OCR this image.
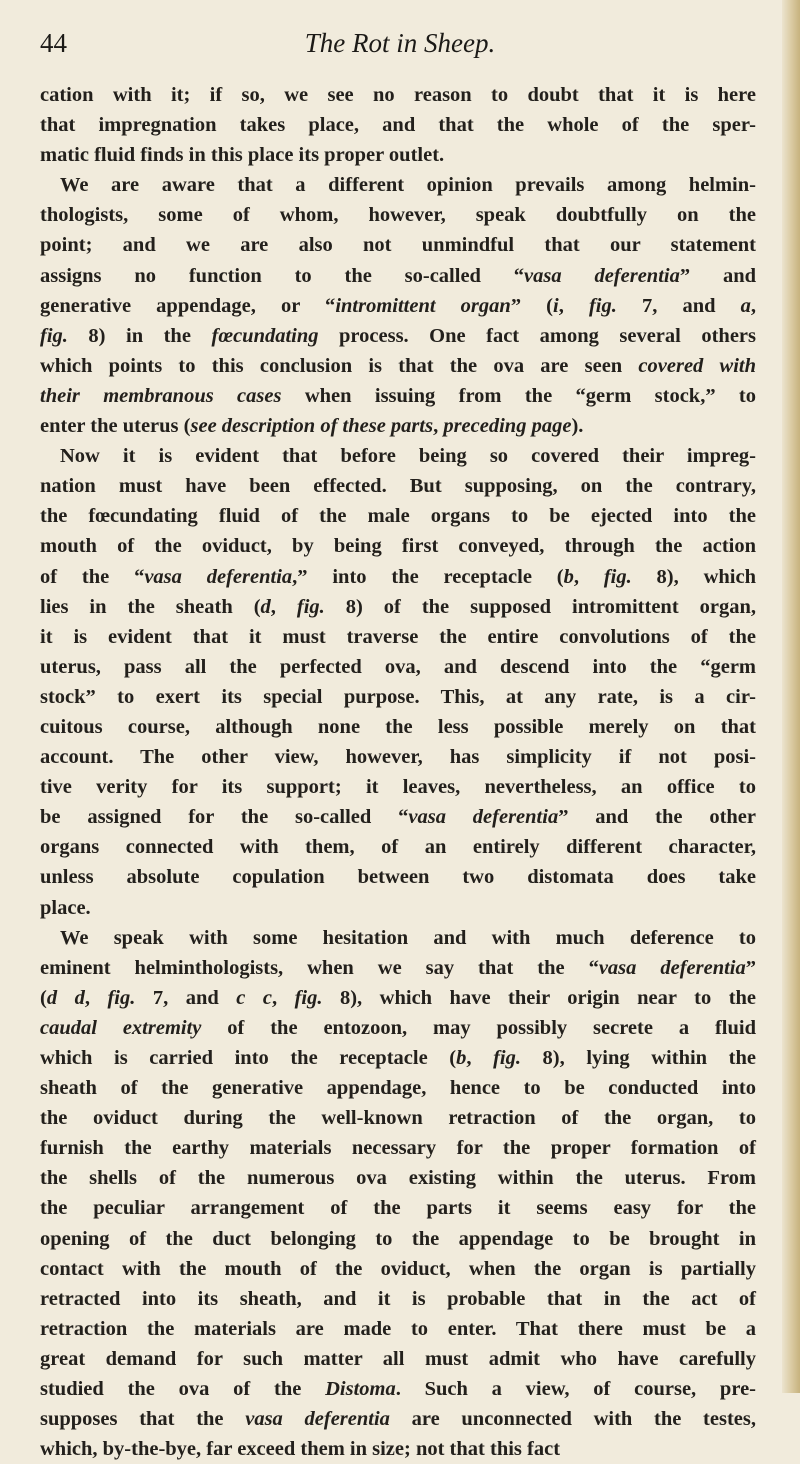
44	The Rot in Sheep.
cation with it; if so, we see no reason to doubt that it is here
that impregnation takes place, and that the whole of the sper-
matic fluid finds in this place its proper outlet.
We are aware that a different opinion prevails among helmin-
thologists, some of whom, however, speak doubtfully on the
point; and we are also not unmindful that our statement
assigns no function to the so-called “vasa deferentia” and
generative appendage, or “intromittent organ” (i, fig. 7, and a,
fig. 8) in the fœcundating process. One fact among several others
which points to this conclusion is that the ova are seen covered with
their membranous cases when issuing from the “germ stock,” to
enter the uterus (see description of these parts, preceding page).
Now it is evident that before being so covered their impreg-
nation must have been effected. But supposing, on the contrary,
the fœcundating fluid of the male organs to be ejected into the
mouth of the oviduct, by being first conveyed, through the action
of the “vasa deferentia,” into the receptacle (b, fig. 8), which
lies in the sheath (d, fig. 8) of the supposed intromittent organ,
it is evident that it must traverse the entire convolutions of the
uterus, pass all the perfected ova, and descend into the “germ
stock” to exert its special purpose. This, at any rate, is a cir-
cuitous course, although none the less possible merely on that
account. The other view, however, has simplicity if not posi-
tive verity for its support; it leaves, nevertheless, an office to
be assigned for the so-called “vasa deferentia” and the other
organs connected with them, of an entirely different character,
unless absolute copulation between two distomata does take
place.
We speak with some hesitation and with much deference to
eminent helminthologists, when we say that the “vasa deferentia”
(d d, fig. 7, and c c, fig. 8), which have their origin near to the
caudal extremity of the entozoon, may possibly secrete a fluid
which is carried into the receptacle (b, fig. 8), lying within the
sheath of the generative appendage, hence to be conducted into
the oviduct during the well-known retraction of the organ, to
furnish the earthy materials necessary for the proper formation of
the shells of the numerous ova existing within the uterus. From
the peculiar arrangement of the parts it seems easy for the
opening of the duct belonging to the appendage to be brought in
contact with the mouth of the oviduct, when the organ is partially
retracted into its sheath, and it is probable that in the act of
retraction the materials are made to enter. That there must be a
great demand for such matter all must admit who have carefully
studied the ova of the Distoma. Such a view, of course, pre-
supposes that the vasa deferentia are unconnected with the testes,
which, by-the-bye, far exceed them in size; not that this fact
